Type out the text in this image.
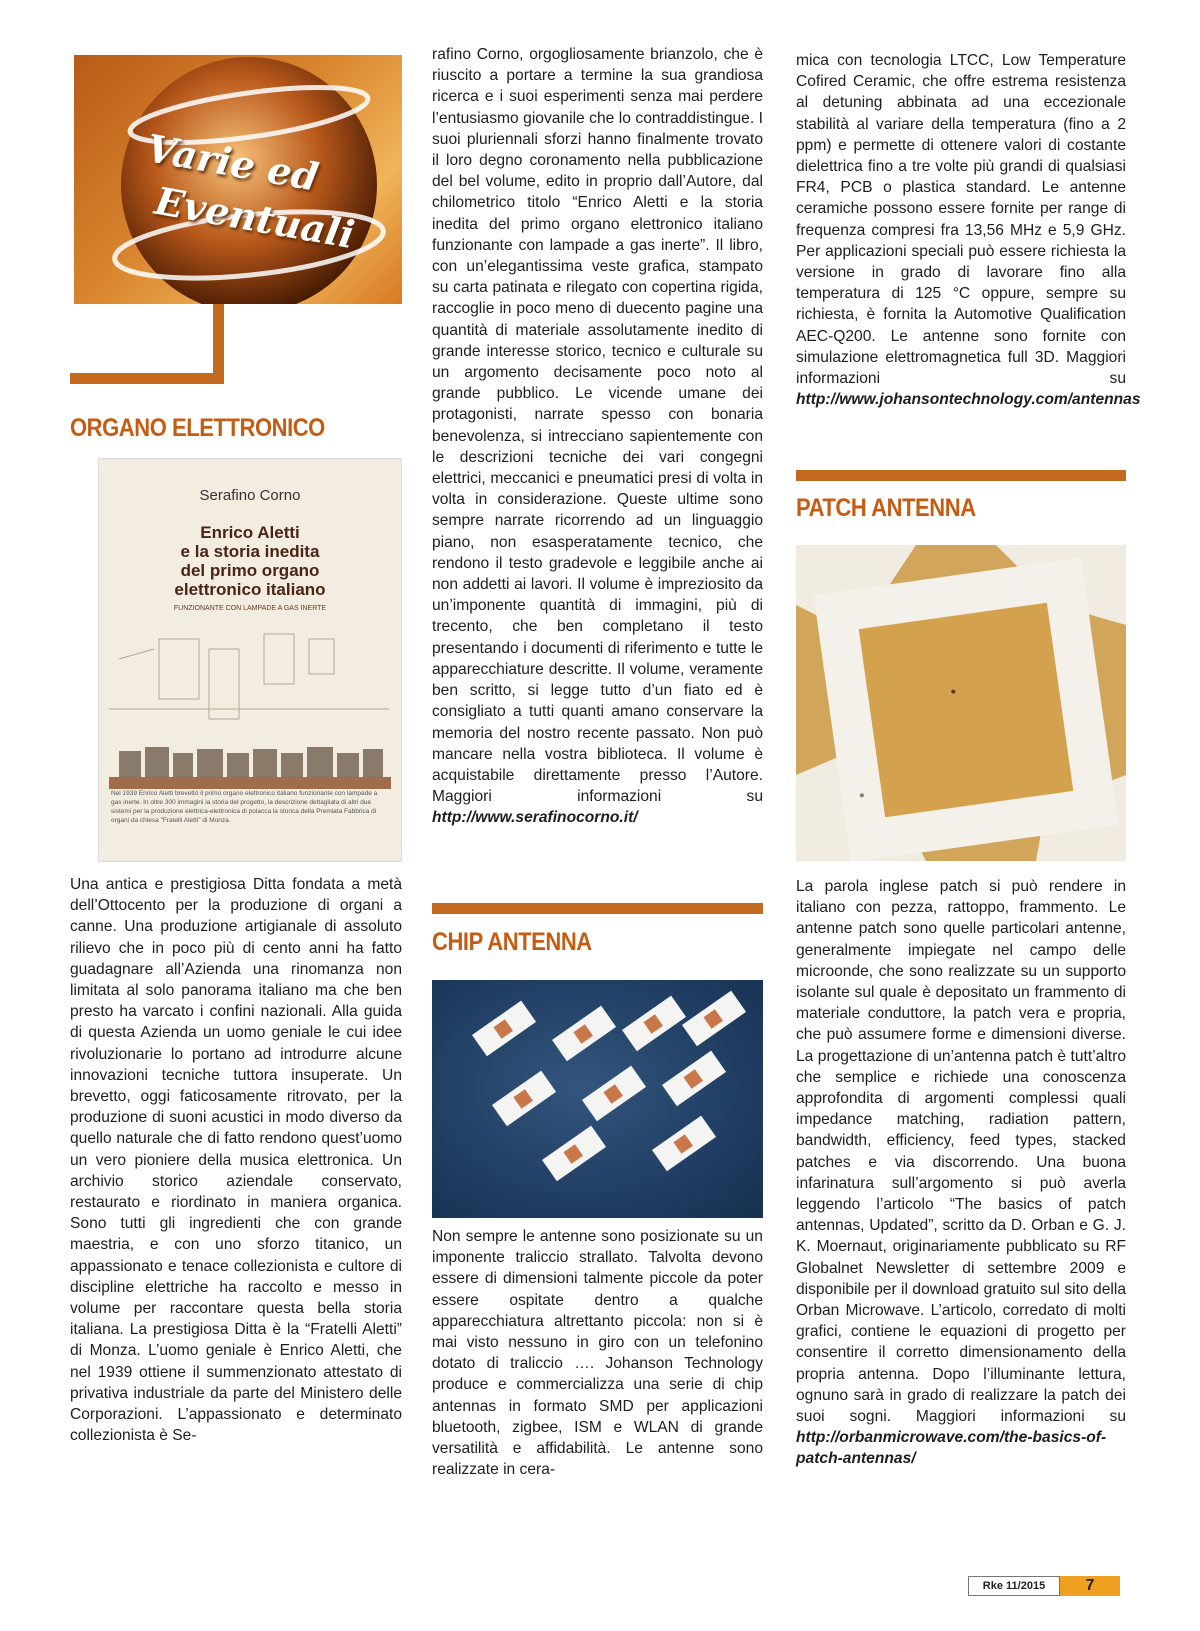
Varie ed
Eventuali
ORGANO ELETTRONICO
Serafino Corno
Enrico Aletti
e la storia inedita
del primo organo
elettronico italiano
FUNZIONANTE CON LAMPADE A GAS INERTE
Nel 1939 Enrico Aletti brevettò il primo organo elettronico italiano funzionante con lampade a gas inerte. In oltre 300 immagini la storia del progetto, la descrizione dettagliata di altri due sistemi per la produzione elettrica-elettronica di polacca la storica della Premiata Fabbrica di organi da chiesa "Fratelli Aletti" di Monza.

Una antica e prestigiosa Ditta fondata a metà dell’Ottocento per la produzione di organi a canne. Una produzione artigianale di assoluto rilievo che in poco più di cento anni ha fatto guadagnare all’Azienda una rinomanza non limitata al solo panorama italiano ma che ben presto ha varcato i confini nazionali. Alla guida di questa Azienda un uomo geniale le cui idee rivoluzionarie lo portano ad introdurre alcune innovazioni tecniche tuttora insuperate. Un brevetto, oggi faticosamente ritrovato, per la produzione di suoni acustici in modo diverso da quello naturale che di fatto rendono quest’uomo un vero pioniere della musica elettronica. Un archivio storico aziendale conservato, restaurato e riordinato in maniera organica. Sono tutti gli ingredienti che con grande maestria, e con uno sforzo titanico, un appassionato e tenace collezionista e cultore di discipline elettriche ha raccolto e messo in volume per raccontare questa bella storia italiana. La prestigiosa Ditta è la “Fratelli Aletti” di Monza. L’uomo geniale è Enrico Aletti, che nel 1939 ottiene il summenzionato attestato di privativa industriale da parte del Ministero delle Corporazioni. L’appassionato e determinato collezionista è Se-

rafino Corno, orgogliosamente brianzolo, che è riuscito a portare a termine la sua grandiosa ricerca e i suoi esperimenti senza mai perdere l’entusiasmo giovanile che lo contraddistingue. I suoi pluriennali sforzi hanno finalmente trovato il loro degno coronamento nella pubblicazione del bel volume, edito in proprio dall’Autore, dal chilometrico titolo “Enrico Aletti e la storia inedita del primo organo elettronico italiano funzionante con lampade a gas inerte”. Il libro, con un’elegantissima veste grafica, stampato su carta patinata e rilegato con copertina rigida, raccoglie in poco meno di duecento pagine una quantità di materiale assolutamente inedito di grande interesse storico, tecnico e culturale su un argomento decisamente poco noto al grande pubblico. Le vicende umane dei protagonisti, narrate spesso con bonaria benevolenza, si intrecciano sapientemente con le descrizioni tecniche dei vari congegni elettrici, meccanici e pneumatici presi di volta in volta in considerazione. Queste ultime sono sempre narrate ricorrendo ad un linguaggio piano, non esasperatamente tecnico, che rendono il testo gradevole e leggibile anche ai non addetti ai lavori. Il volume è impreziosito da un’imponente quantità di immagini, più di trecento, che ben completano il testo presentando i documenti di riferimento e tutte le apparecchiature descritte. Il volume, veramente ben scritto, si legge tutto d’un fiato ed è consigliato a tutti quanti amano conservare la memoria del nostro recente passato. Non può mancare nella vostra biblioteca. Il volume è acquistabile direttamente presso l’Autore. Maggiori informazioni su http://www.serafinocorno.it/

CHIP ANTENNA

Non sempre le antenne sono posizionate su un imponente traliccio strallato. Talvolta devono essere di dimensioni talmente piccole da poter essere ospitate dentro a qualche apparecchiatura altrettanto piccola: non si è mai visto nessuno in giro con un telefonino dotato di traliccio …. Johanson Technology produce e commercializza una serie di chip antennas in formato SMD per applicazioni bluetooth, zigbee, ISM e WLAN di grande versatilità e affidabilità. Le antenne sono realizzate in cera-

mica con tecnologia LTCC, Low Temperature Cofired Ceramic, che offre estrema resistenza al detuning abbinata ad una eccezionale stabilità al variare della temperatura (fino a 2 ppm) e permette di ottenere valori di costante dielettrica fino a tre volte più grandi di qualsiasi FR4, PCB o plastica standard. Le antenne ceramiche possono essere fornite per range di frequenza compresi fra 13,56 MHz e 5,9 GHz. Per applicazioni speciali può essere richiesta la versione in grado di lavorare fino alla temperatura di 125 °C oppure, sempre su richiesta, è fornita la Automotive Qualification AEC-Q200. Le antenne sono fornite con simulazione elettromagnetica full 3D. Maggiori informazioni su http://www.johansontechnology.com/antennas

PATCH ANTENNA

La parola inglese patch si può rendere in italiano con pezza, rattoppo, frammento. Le antenne patch sono quelle particolari antenne, generalmente impiegate nel campo delle microonde, che sono realizzate su un supporto isolante sul quale è depositato un frammento di materiale conduttore, la patch vera e propria, che può assumere forme e dimensioni diverse. La progettazione di un’antenna patch è tutt’altro che semplice e richiede una conoscenza approfondita di argomenti complessi quali impedance matching, radiation pattern, bandwidth, efficiency, feed types, stacked patches e via discorrendo. Una buona infarinatura sull’argomento si può averla leggendo l’articolo “The basics of patch antennas, Updated”, scritto da D. Orban e G. J. K. Moernaut, originariamente pubblicato su RF Globalnet Newsletter di settembre 2009 e disponibile per il download gratuito sul sito della Orban Microwave. L’articolo, corredato di molti grafici, contiene le equazioni di progetto per consentire il corretto dimensionamento della propria antenna. Dopo l’illuminante lettura, ognuno sarà in grado di realizzare la patch dei suoi sogni. Maggiori informazioni su http://orbanmicrowave.com/the-basics-of-patch-antennas/

Rke 11/2015	7
